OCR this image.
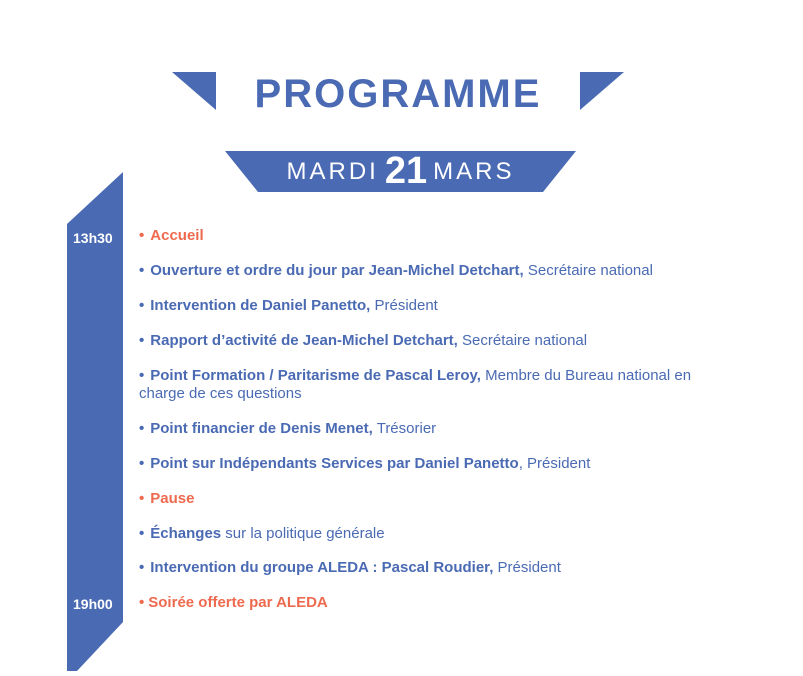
PROGRAMME
MARDI 21 MARS
13h30
19h00
• Accueil
• Ouverture et ordre du jour par Jean-Michel Detchart, Secrétaire national
• Intervention de Daniel Panetto, Président
• Rapport d’activité de Jean-Michel Detchart, Secrétaire national
• Point Formation / Paritarisme de Pascal Leroy, Membre du Bureau national en charge de ces questions
• Point financier de Denis Menet, Trésorier
• Point sur Indépendants Services par Daniel Panetto, Président
• Pause
• Échanges sur la politique générale
• Intervention du groupe ALEDA : Pascal Roudier, Président
• Soirée offerte par ALEDA
